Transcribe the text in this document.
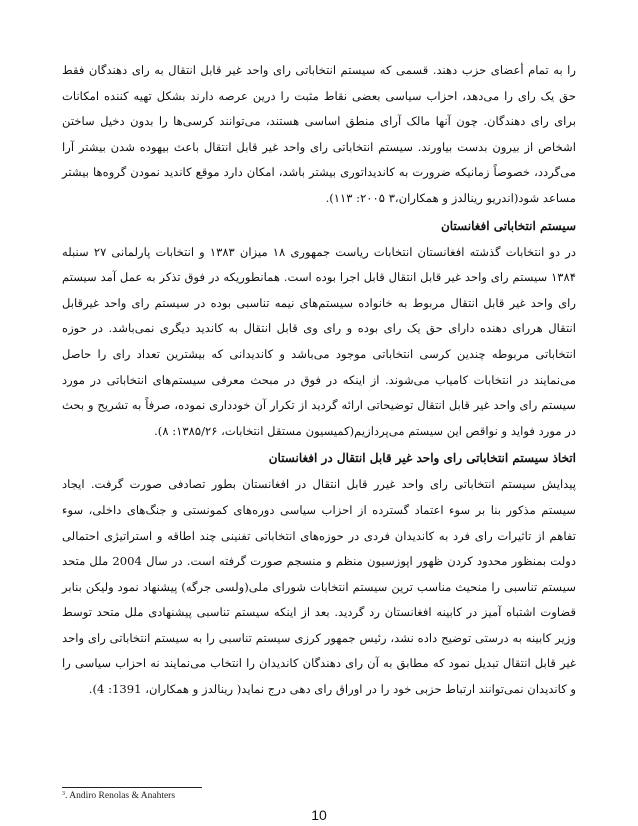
را به تمام أعضای حزب دهند. قسمی که سیستم انتخاباتی رای واحد غیر قابل انتقال به رای دهندگان فقط حق یک رای را می‌دهد، احزاب سیاسی بعضی نقاط مثبت را درین عرصه دارند بشکل تهیه کننده امکانات برای رای دهندگان. چون آنها مالک آرای منطق اساسی هستند، می‌توانند کرسی‌ها را بدون دخیل ساختن اشخاص از بیرون بدست بیاورند. سیستم انتخاباتی رای واحد غیر قابل انتقال باعث بیهوده شدن بیشتر آرا می‌گردد، خصوصاً زمانیکه ضرورت به کاندیداتوری بیشتر باشد، امکان دارد موقع کاندید نمودن گروه‌ها بیشتر مساعد شود(اندریو رینالدز و همکاران،۳ ۲۰۰۵: ۱۱۳).

سیستم انتخاباتی افغانستان

در دو انتخابات گذشته افغانستان انتخابات ریاست جمهوری ۱۸ میزان ۱۳۸۳ و انتخابات پارلمانی ۲۷ سنبله ۱۳۸۴ سیستم رای واحد غیر قابل انتقال قابل اجرا بوده است. همانطوریکه در فوق تذکر به عمل آمد سیستم رای واحد غیر قابل انتقال مربوط به خانواده سیستم‌های نیمه تناسبی بوده در سیستم رای واحد غیرقابل انتقال هررای دهنده دارای حق یک رای بوده و رای وی قابل انتقال به کاندید دیگری نمی‌باشد. در حوزه انتخاباتی مربوطه چندین کرسی انتخاباتی موجود می‌باشد و کاندیدانی که بیشترین تعداد رای را حاصل می‌نمایند در انتخابات کامیاب می‌شوند. از اینکه در فوق در مبحث معرفی سیستم‌های انتخاباتی در مورد سیستم رای واحد غیر قابل انتقال توضیحاتی ارائه گردید از تکرار آن خودداری نموده، صرفاً به تشریح و بحث در مورد فواید و نواقص این سیستم می‌پردازیم(کمیسیون مستقل انتخابات، ۱۳۸۵/۲۶: ۸).

اتخاذ سیستم انتخاباتی رای واحد غیر قابل انتقال در افغانستان

پیدایش سیستم انتخاباتی رای واحد غیرر قابل انتقال در افغانستان بطور تصادفی صورت گرفت. ایجاد سیستم مذکور بنا بر سوء اعتماد گسترده از احزاب سیاسی دوره‌های کمونستی و جنگ‌های داخلی، سوء تفاهم از تاثیرات رای فرد به کاندیدان فردی در حوزه‌های انتخاباتی تفنینی چند اطاقه و استراتیژی احتمالی دولت بمنظور محدود کردن ظهور اپوزسیون منظم و منسجم صورت گرفته است. در سال 2004 ملل متحد سیستم تناسبی را منحیث مناسب ترین سیستم انتخابات شورای ملی(ولسی جرگه) پیشنهاد نمود ولیکن بنابر قضاوت اشتباه آمیز در کابینه افغانستان رد گردید. بعد از اینکه سیستم تناسبی پیشنهادی ملل متحد توسط وزیر کابینه به درستی توضیح داده نشد، رئیس جمهور کرزی سیستم تناسبی را به سیستم انتخاباتی رای واحد غیر قابل انتقال تبدیل نمود که مطابق به آن رای دهندگان کاندیدان را انتخاب می‌نمایند نه احزاب سیاسی را و کاندیدان نمی‌توانند ارتباط حزبی خود را در اوراق رای دهی درج نماید( رینالدز و همکاران، 1391: 4).

$^3$. Andiro Renolas & Anahters
10
